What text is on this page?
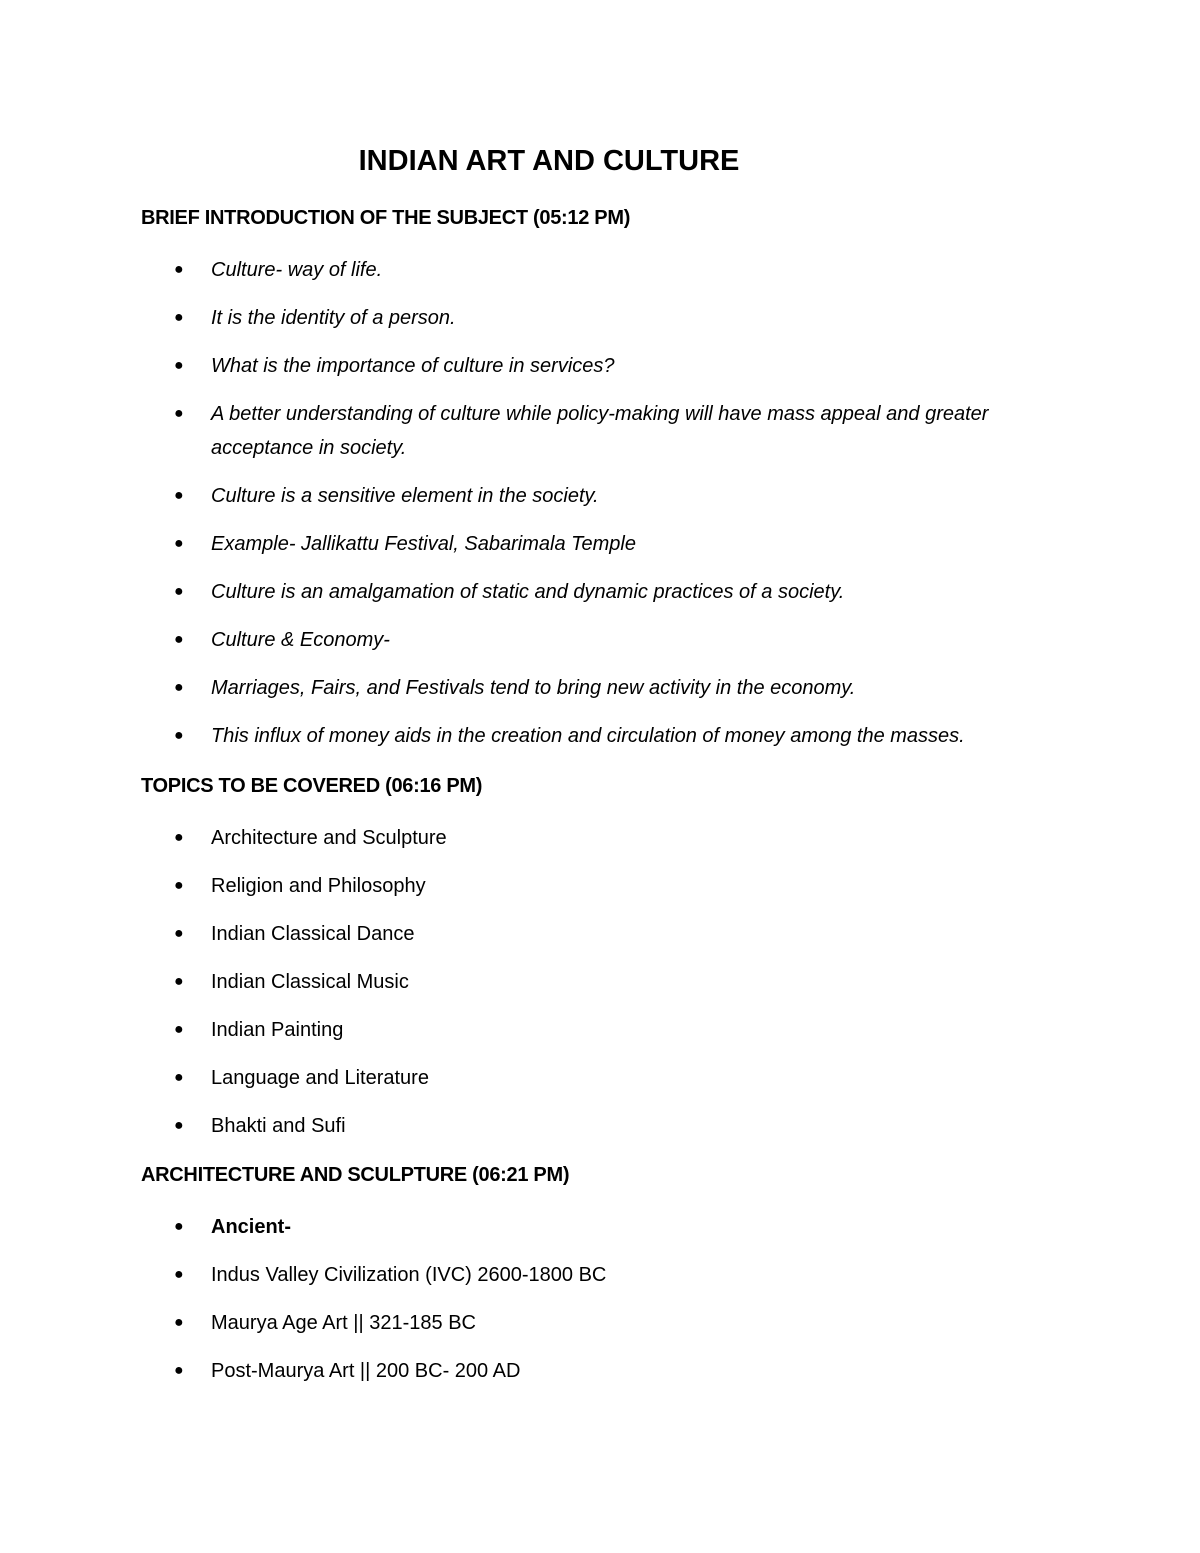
INDIAN ART AND CULTURE
BRIEF INTRODUCTION OF THE SUBJECT (05:12 PM)
● Culture- way of life.
● It is the identity of a person.
● What is the importance of culture in services?
● A better understanding of culture while policy-making will have mass appeal and greater acceptance in society.
● Culture is a sensitive element in the society.
● Example- Jallikattu Festival, Sabarimala Temple
● Culture is an amalgamation of static and dynamic practices of a society.
● Culture & Economy-
● Marriages, Fairs, and Festivals tend to bring new activity in the economy.
● This influx of money aids in the creation and circulation of money among the masses.
TOPICS TO BE COVERED (06:16 PM)
● Architecture and Sculpture
● Religion and Philosophy
● Indian Classical Dance
● Indian Classical Music
● Indian Painting
● Language and Literature
● Bhakti and Sufi
ARCHITECTURE AND SCULPTURE (06:21 PM)
● Ancient-
● Indus Valley Civilization (IVC) 2600-1800 BC
● Maurya Age Art || 321-185 BC
● Post-Maurya Art || 200 BC- 200 AD
